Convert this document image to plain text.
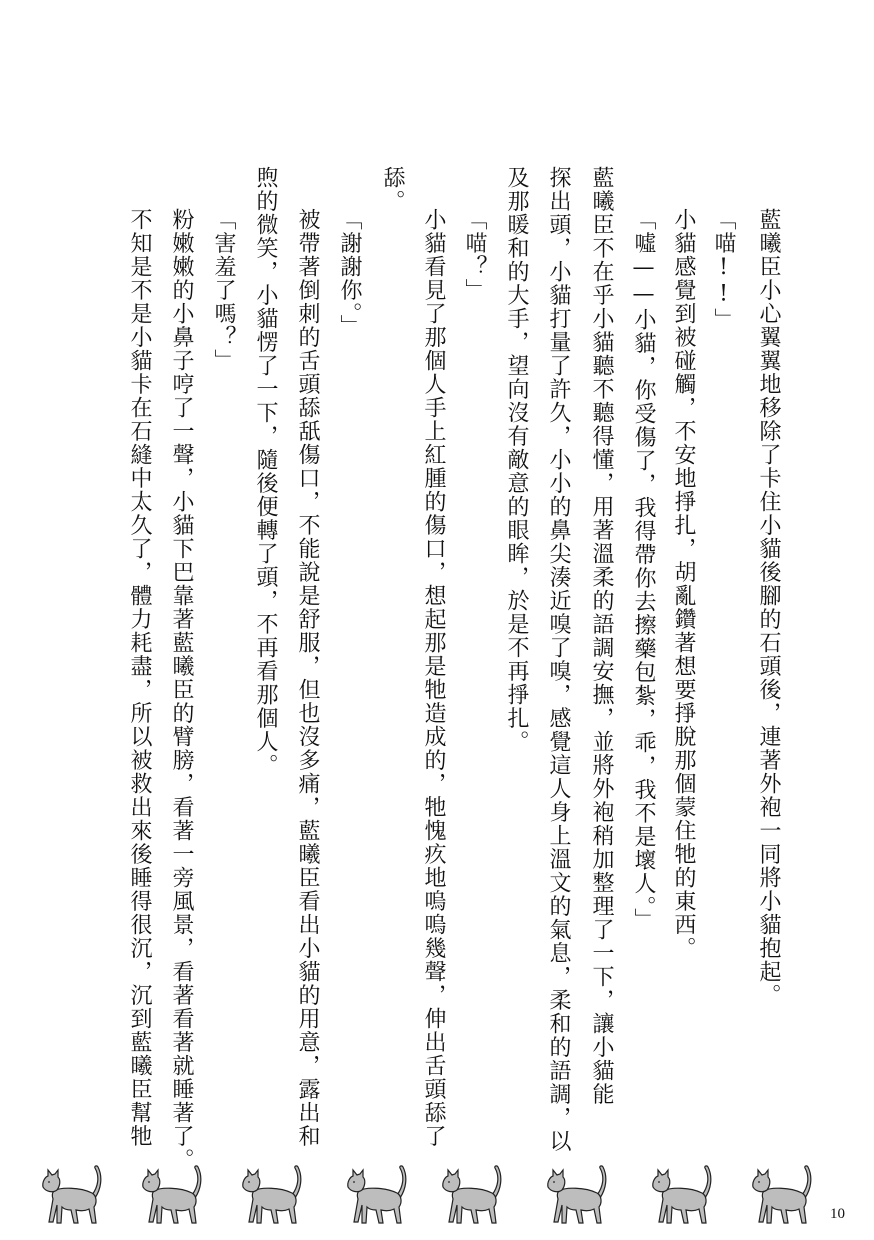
藍曦臣小心翼翼地移除了卡住小貓後腳的石頭後，連著外袍一同將小貓抱起。
「喵!!」
小貓感覺到被碰觸，不安地掙扎，胡亂鑽著想要掙脫那個蒙住牠的東西。
「噓——小貓，你受傷了，我得帶你去擦藥包紮，乖，我不是壞人。」
藍曦臣不在乎小貓聽不聽得懂，用著溫柔的語調安撫，並將外袍稍加整理了一下，讓小貓能
探出頭，小貓打量了許久，小小的鼻尖湊近嗅了嗅，感覺這人身上溫文的氣息，柔和的語調，以
及那暖和的大手，望向沒有敵意的眼眸，於是不再掙扎。
「喵？」
小貓看見了那個人手上紅腫的傷口，想起那是牠造成的，牠愧疚地嗚嗚幾聲，伸出舌頭舔了
舔。
「謝謝你。」
被帶著倒刺的舌頭舔舐傷口，不能說是舒服，但也沒多痛，藍曦臣看出小貓的用意，露出和
煦的微笑，小貓愣了一下，隨後便轉了頭，不再看那個人。
「害羞了嗎？」
粉嫩嫩的小鼻子哼了一聲，小貓下巴靠著藍曦臣的臂膀，看著一旁風景，看著看著就睡著了。
不知是不是小貓卡在石縫中太久了，體力耗盡，所以被救出來後睡得很沉，沉到藍曦臣幫牠
10
